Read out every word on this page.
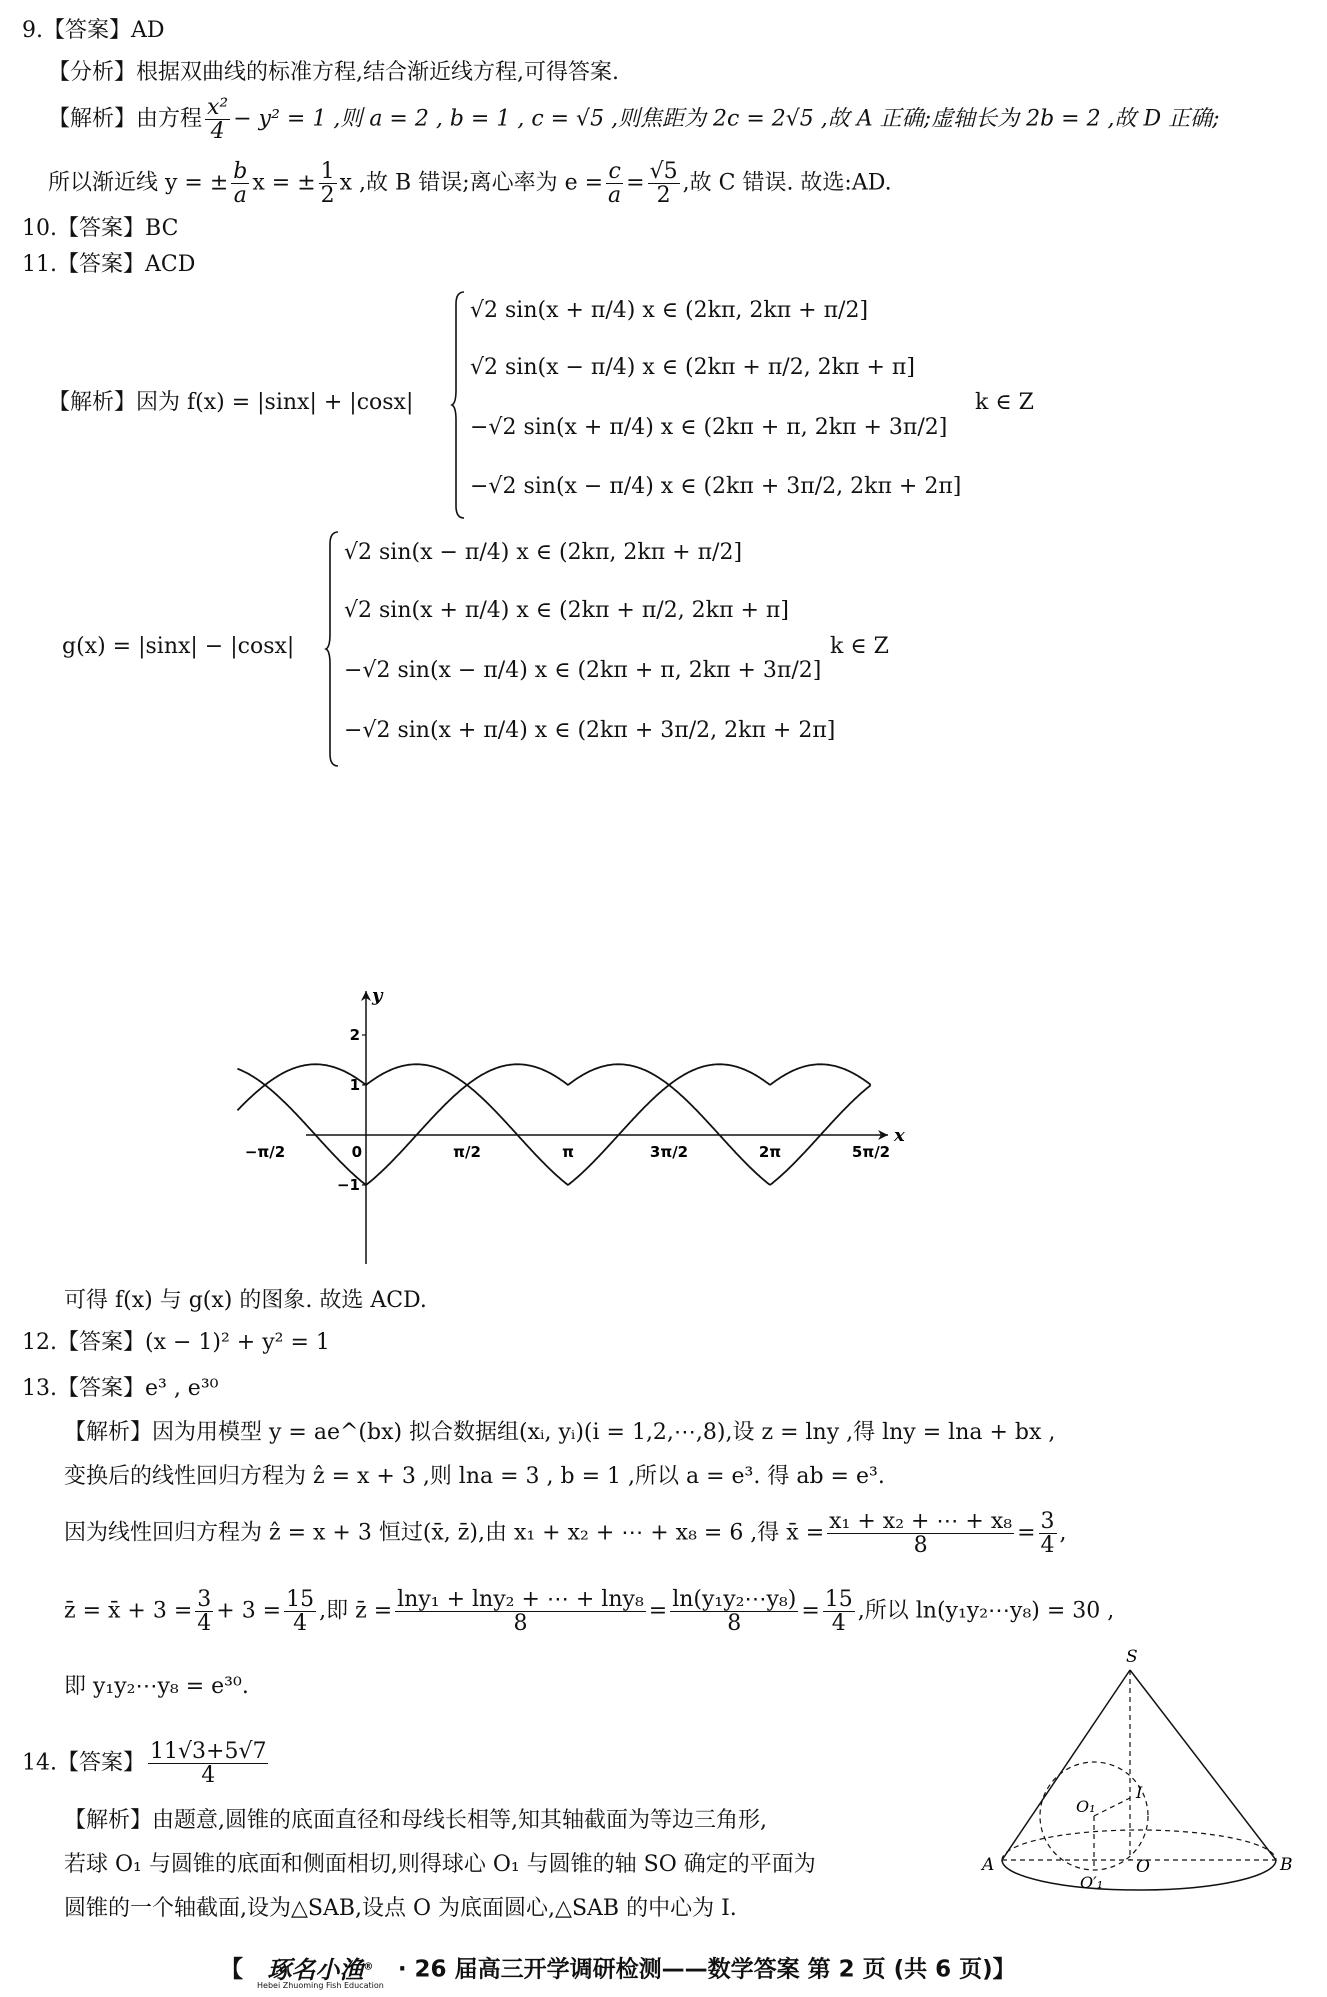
9.【答案】AD
【分析】根据双曲线的标准方程,结合渐近线方程,可得答案.
【解析】由方程 $\frac{\text{x²}}{4} - y^2 = 1$ ,则 a = 2 , b = 1 , c = √5 ,则焦距为 2c = 2√5 ,故 A 正确;虚轴长为 2b = 2 ,故 D 正确;
所以渐近线 y = ± $\frac{b}{a}$ x = ± $\frac{1}{2}$ x ,故 B 错误;离心率为 $e = \frac{c}{a} = \frac{√5}{2}$ ,故 C 错误. 故选:AD.
10.【答案】BC
11.【答案】ACD
【解析】因为 f(x) = |sinx| + |cosx|
√2 sin(x + π/4) x ∈ (2kπ, 2kπ + π/2]
√2 sin(x − π/4) x ∈ (2kπ + π/2, 2kπ + π]
−√2 sin(x + π/4) x ∈ (2kπ + π, 2kπ + 3π/2]
−√2 sin(x − π/4) x ∈ (2kπ + 3π/2, 2kπ + 2π]
k ∈ Z
g(x) = |sinx| − |cosx|
√2 sin(x − π/4) x ∈ (2kπ, 2kπ + π/2]
√2 sin(x + π/4) x ∈ (2kπ + π/2, 2kπ + π]
−√2 sin(x − π/4) x ∈ (2kπ + π, 2kπ + 3π/2]
−√2 sin(x + π/4) x ∈ (2kπ + 3π/2, 2kπ + 2π]
k ∈ Z
x
y
−π/2	0	π/2	π	3π/2	2π	5π/2
2
1
−1
可得 f(x) 与 g(x) 的图象. 故选 ACD.
12.【答案】(x − 1)² + y² = 1
13.【答案】e³ , e³⁰
【解析】因为用模型 y = ae^(bx) 拟合数据组(xᵢ, yᵢ)(i = 1,2,⋯,8),设 z = lny ,得 lny = lna + bx ,
变换后的线性回归方程为 ẑ = x + 3 ,则 lna = 3 , b = 1 ,所以 a = e³. 得 ab = e³.
因为线性回归方程为 ẑ = x + 3 恒过(x̄, z̄),由 x₁ + x₂ + ⋯ + x₈ = 6 ,得 x̄ = $\frac{\text{x₁ + x₂ + ⋯ + x₈}}{8} = \frac{3}{4}$ ,
z̄ = x̄ + $3 = \frac{3}{4} + 3 = \frac{15}{4}$ ,即 z̄ = $\frac{\text{lny₁ + lny₂ + ⋯ + lny₈}}{8} = \frac{\text{ln(y₁y₂⋯y₈)}}{8} = \frac{15}{4}$ ,所以 ln(y₁y₂⋯y₈) = 30 ,
即 y₁y₂⋯y₈ = e³⁰.
14.【答案】 $\frac{11√3+5√7}{4}$
【解析】由题意,圆锥的底面直径和母线长相等,知其轴截面为等边三角形,
若球 O₁ 与圆锥的底面和侧面相切,则得球心 O₁ 与圆锥的轴 SO 确定的平面为
圆锥的一个轴截面,设为△SAB,设点 O 为底面圆心,△SAB 的中心为 I.
S
A	B
O
O₁
I
O′₁
【 琢名小渔®
Hebei Zhuoming Fish Education
· 26 届高三开学调研检测——数学答案 第 2 页 (共 6 页)】
